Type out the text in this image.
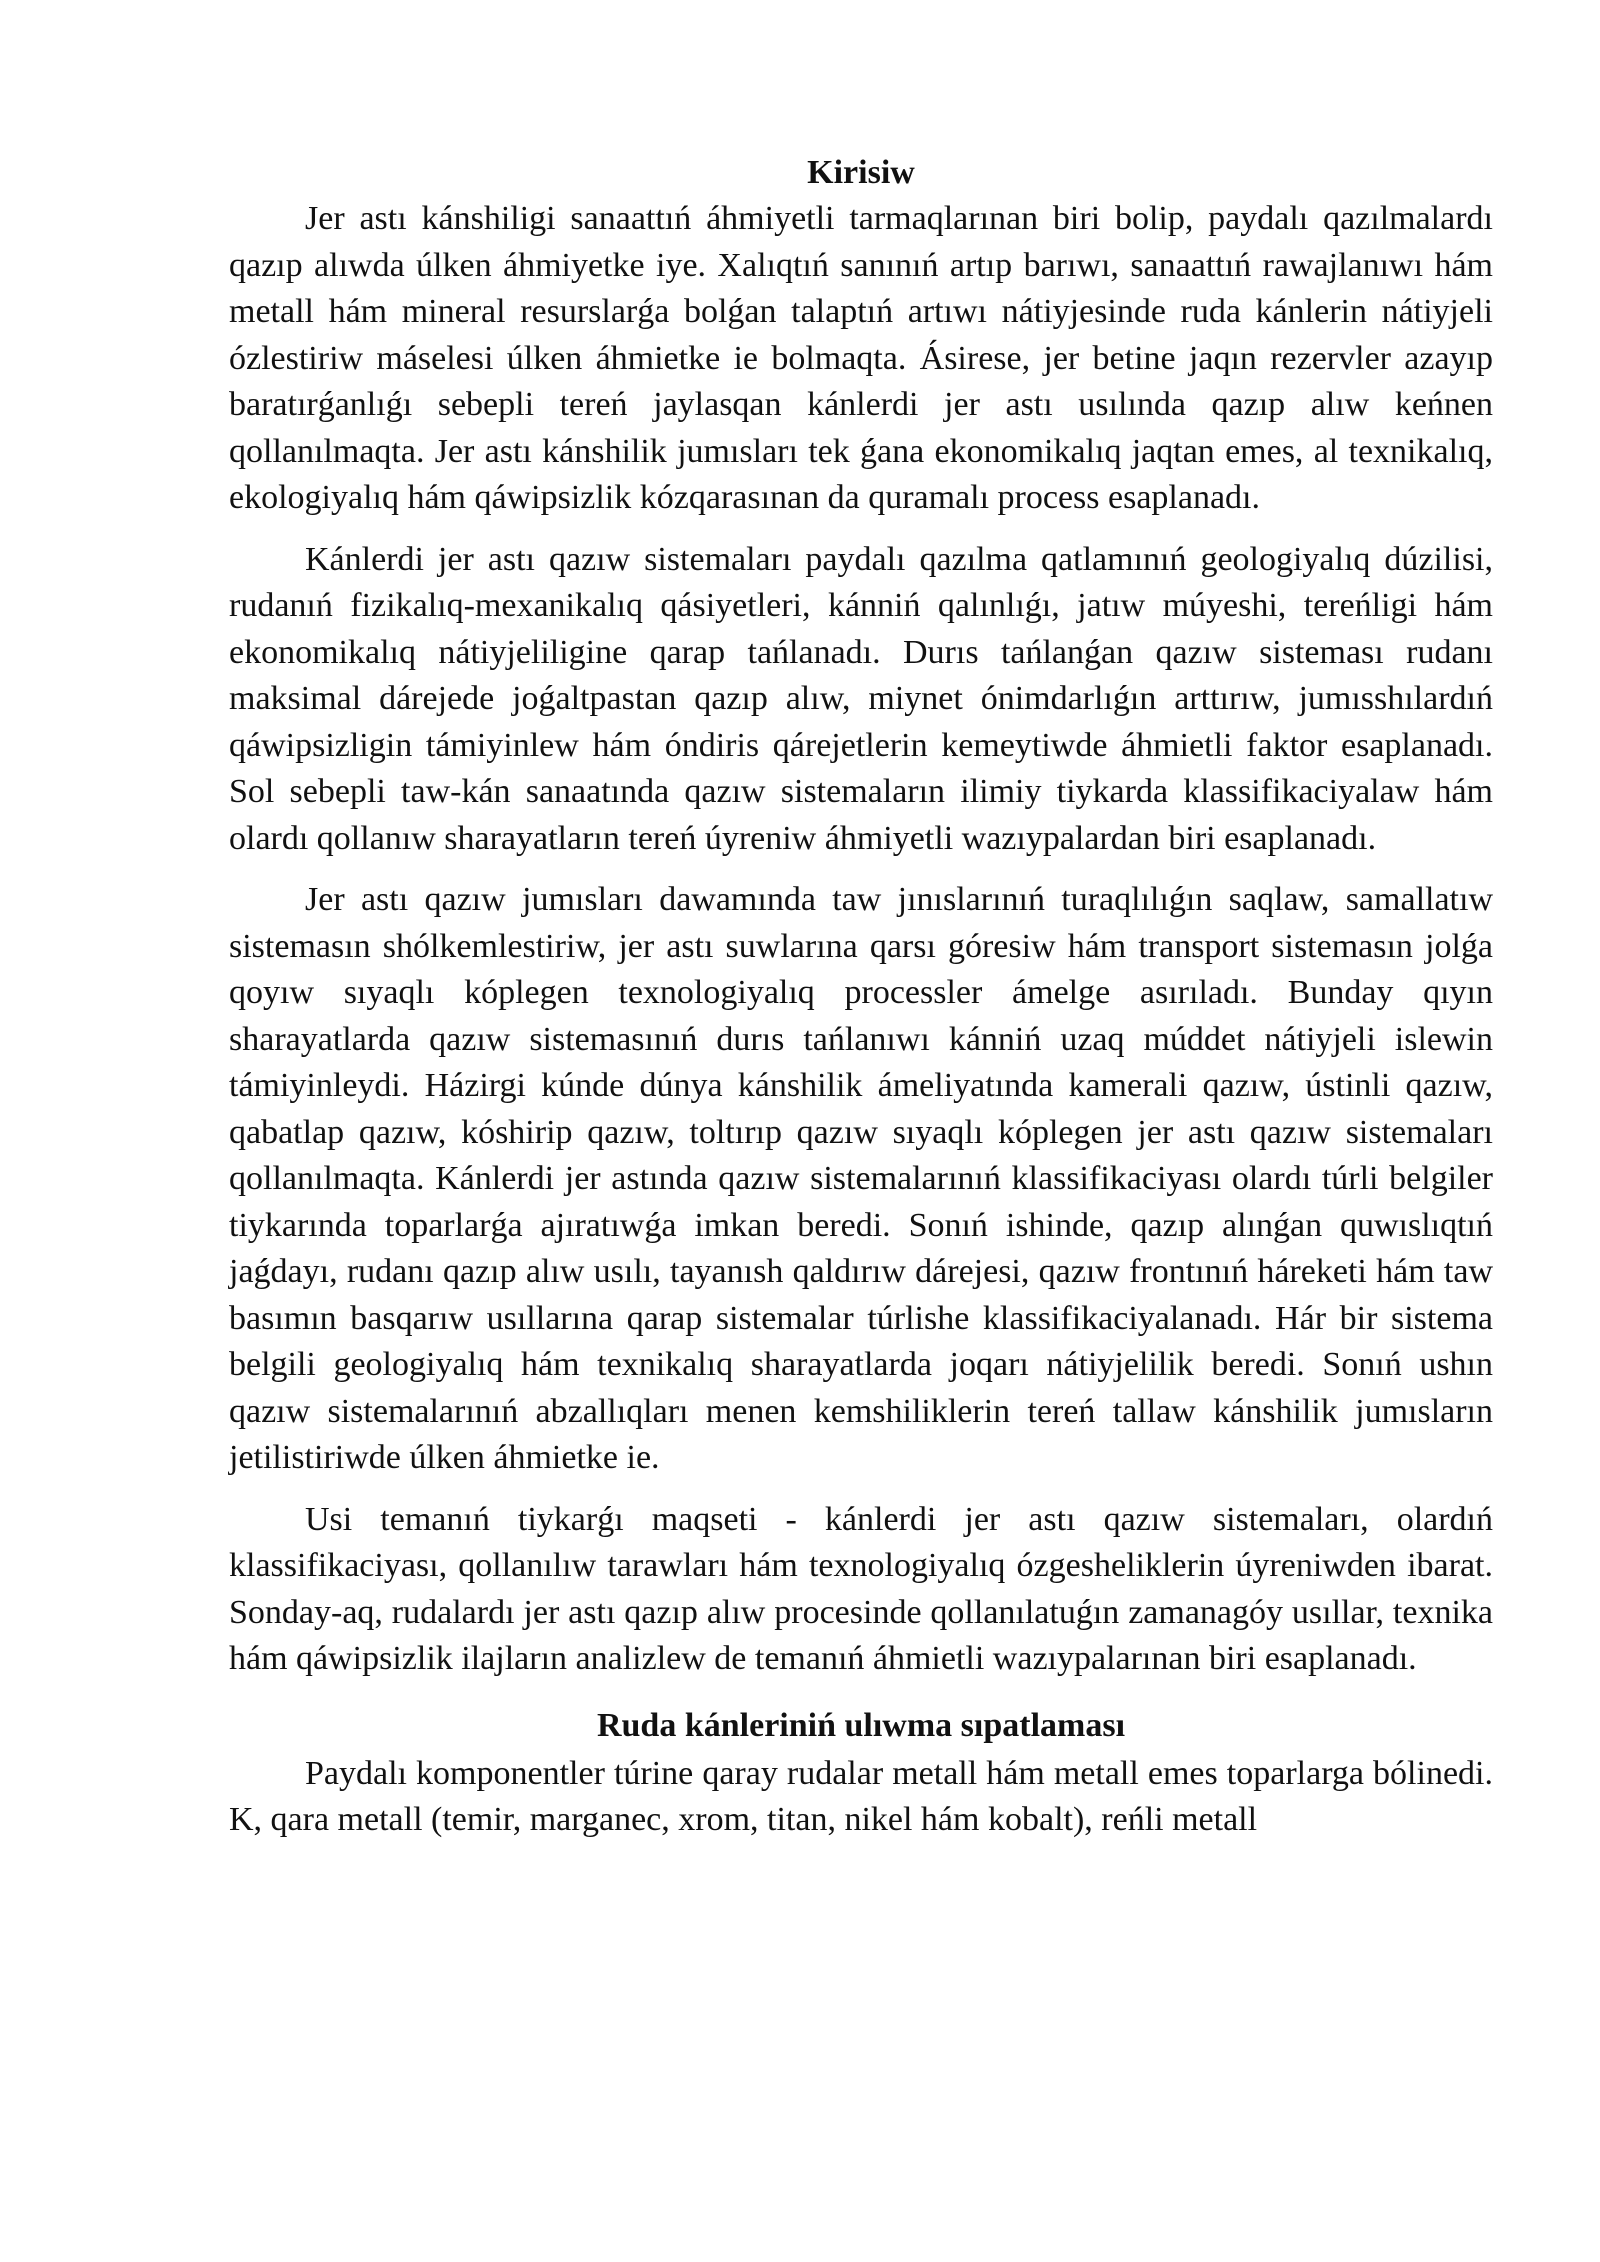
Kirisiw

Jer astı kánshiligi sanaattıń áhmiyetli tarmaqlarınan biri bolip, paydalı qazılmalardı qazıp alıwda úlken áhmiyetke iye. Xalıqtıń sanınıń artıp barıwı, sanaattıń rawajlanıwı hám metall hám mineral resurslarǵa bolǵan talaptıń artıwı nátiyjesinde ruda kánlerin nátiyjeli ózlestiriw máselesi úlken áhmietke ie bolmaqta. Ásirese, jer betine jaqın rezervler azayıp baratırǵanlıǵı sebepli tereń jaylasqan kánlerdi jer astı usılında qazıp alıw keńnen qollanılmaqta. Jer astı kánshilik jumısları tek ǵana ekonomikalıq jaqtan emes, al texnikalıq, ekologiyalıq hám qáwipsizlik kózqarasınan da quramalı process esaplanadı.

Kánlerdi jer astı qazıw sistemaları paydalı qazılma qatlamınıń geologiyalıq dúzilisi, rudanıń fizikalıq-mexanikalıq qásiyetleri, kánniń qalınlıǵı, jatıw múyeshi, tereńligi hám ekonomikalıq nátiyjeliligine qarap tańlanadı. Durıs tańlanǵan qazıw sisteması rudanı maksimal dárejede joǵaltpastan qazıp alıw, miynet ónimdarlıǵın arttırıw, jumısshılardıń qáwipsizligin támiyinlew hám óndiris qárejetlerin kemeytiwde áhmietli faktor esaplanadı. Sol sebepli taw-kán sanaatında qazıw sistemaların ilimiy tiykarda klassifikaciyalaw hám olardı qollanıw sharayatların tereń úyreniw áhmiyetli wazıypalardan biri esaplanadı.

Jer astı qazıw jumısları dawamında taw jınıslarınıń turaqlılıǵın saqlaw, samallatıw sistemasın shólkemlestiriw, jer astı suwlarına qarsı góresiw hám transport sistemasın jolǵa qoyıw sıyaqlı kóplegen texnologiyalıq processler ámelge asırıladı. Bunday qıyın sharayatlarda qazıw sistemasınıń durıs tańlanıwı kánniń uzaq múddet nátiyjeli islewin támiyinleydi. Házirgi kúnde dúnya kánshilik ámeliyatında kamerali qazıw, ústinli qazıw, qabatlap qazıw, kóshirip qazıw, toltırıp qazıw sıyaqlı kóplegen jer astı qazıw sistemaları qollanılmaqta. Kánlerdi jer astında qazıw sistemalarınıń klassifikaciyası olardı túrli belgiler tiykarında toparlarǵa ajıratıwǵa imkan beredi. Sonıń ishinde, qazıp alınǵan quwıslıqtıń jaǵdayı, rudanı qazıp alıw usılı, tayanısh qaldırıw dárejesi, qazıw frontınıń háreketi hám taw basımın basqarıw usıllarına qarap sistemalar túrlishe klassifikaciyalanadı. Hár bir sistema belgili geologiyalıq hám texnikalıq sharayatlarda joqarı nátiyjelilik beredi. Sonıń ushın qazıw sistemalarınıń abzallıqları menen kemshiliklerin tereń tallaw kánshilik jumısların jetilistiriwde úlken áhmietke ie.

Usi temanıń tiykarǵı maqseti - kánlerdi jer astı qazıw sistemaları, olardıń klassifikaciyası, qollanılıw tarawları hám texnologiyalıq ózgesheliklerin úyreniwden ibarat. Sonday-aq, rudalardı jer astı qazıp alıw procesinde qollanılatuǵın zamanagóy usıllar, texnika hám qáwipsizlik ilajların analizlew de temanıń áhmietli wazıypalarınan biri esaplanadı.

Ruda kánleriniń ulıwma sıpatlaması

Paydalı komponentler túrine qaray rudalar metall hám metall emes toparlarga bólinedi. K, qara metall (temir, marganec, xrom, titan, nikel hám kobalt), reńli metall
